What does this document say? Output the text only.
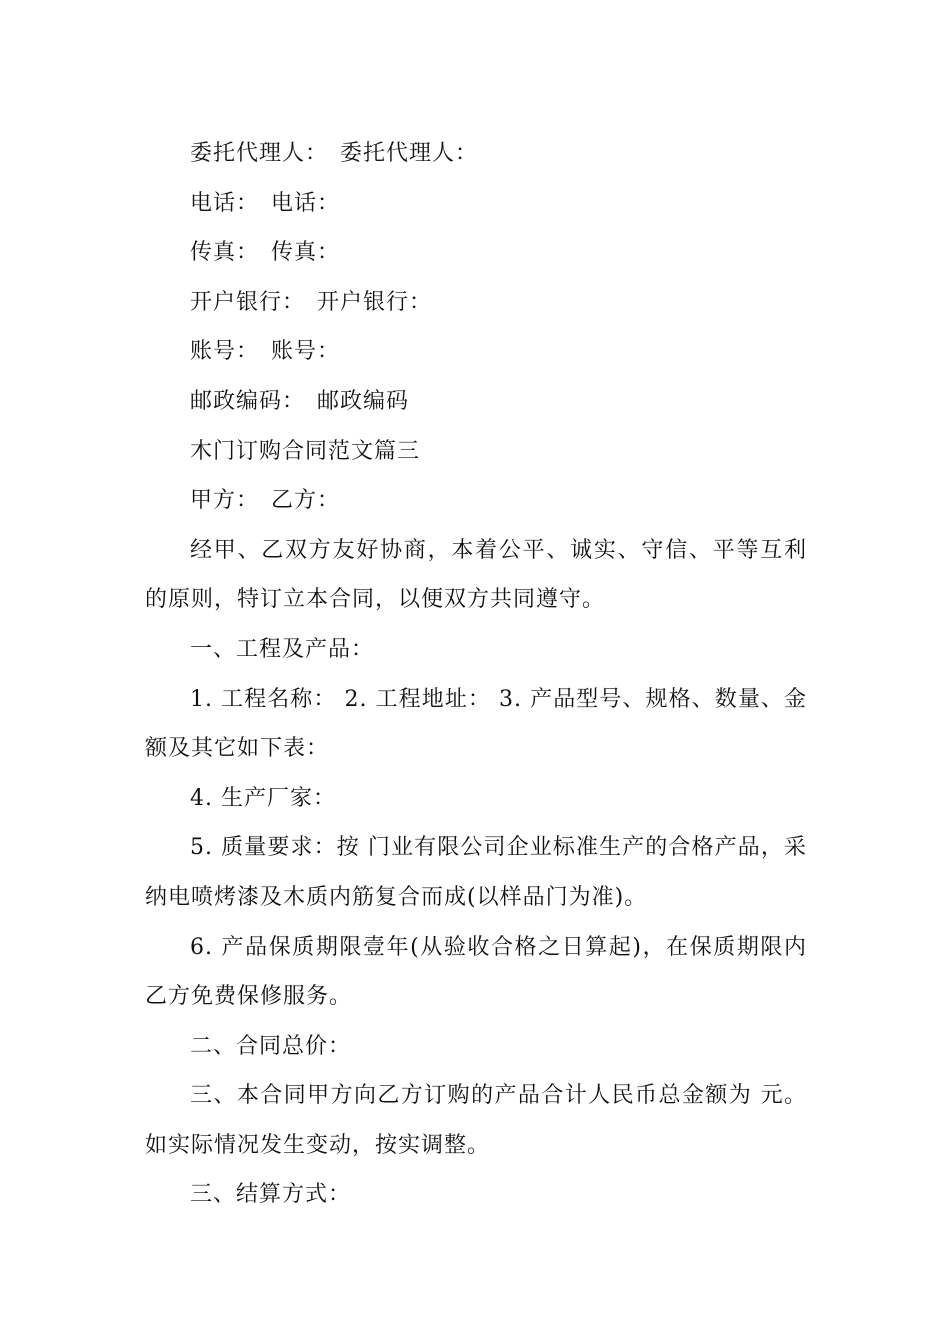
委托代理人：　委托代理人：

电话：　电话：

传真：　传真：

开户银行：　开户银行：

账号：　账号：

邮政编码：　邮政编码

木门订购合同范文篇三

甲方：　乙方：

经甲、乙双方友好协商，本着公平、诚实、守信、平等互利的原则，特订立本合同，以便双方共同遵守。

一、工程及产品：

1. 工程名称： 2. 工程地址： 3. 产品型号、规格、数量、金额及其它如下表：

4. 生产厂家：

5. 质量要求：按 门业有限公司企业标准生产的合格产品，采纳电喷烤漆及木质内筋复合而成(以样品门为准)。

6. 产品保质期限壹年(从验收合格之日算起)，在保质期限内乙方免费保修服务。

二、合同总价：

三、本合同甲方向乙方订购的产品合计人民币总金额为 元。如实际情况发生变动，按实调整。

三、结算方式：
